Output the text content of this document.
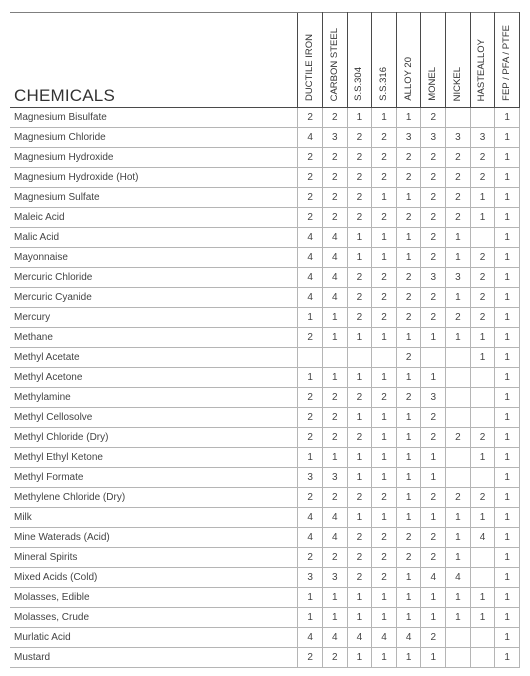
CHEMICALS	DUCTILE IRON	CARBON STEEL	S.S.304	S.S.316	ALLOY 20	MONEL	NICKEL	HASTEALLOY	FEP / PFA / PTFE

Magnesium Bisulfate	2	2	1	1	1	2			1
Magnesium Chloride	4	3	2	2	3	3	3	3	1
Magnesium Hydroxide	2	2	2	2	2	2	2	2	1
Magnesium Hydroxide (Hot)	2	2	2	2	2	2	2	2	1
Magnesium Sulfate	2	2	2	1	1	2	2	1	1
Maleic Acid	2	2	2	2	2	2	2	1	1
Malic Acid	4	4	1	1	1	2	1		1
Mayonnaise	4	4	1	1	1	2	1	2	1
Mercuric Chloride	4	4	2	2	2	3	3	2	1
Mercuric Cyanide	4	4	2	2	2	2	1	2	1
Mercury	1	1	2	2	2	2	2	2	1
Methane	2	1	1	1	1	1	1	1	1
Methyl Acetate					2			1	1
Methyl Acetone	1	1	1	1	1	1			1
Methylamine	2	2	2	2	2	3			1
Methyl Cellosolve	2	2	1	1	1	2			1
Methyl Chloride (Dry)	2	2	2	1	1	2	2	2	1
Methyl Ethyl Ketone	1	1	1	1	1	1		1	1
Methyl Formate	3	3	1	1	1	1			1
Methylene Chloride (Dry)	2	2	2	2	1	2	2	2	1
Milk	4	4	1	1	1	1	1	1	1
Mine Waterads (Acid)	4	4	2	2	2	2	1	4	1
Mineral Spirits	2	2	2	2	2	2	1		1
Mixed Acids (Cold)	3	3	2	2	1	4	4		1
Molasses, Edible	1	1	1	1	1	1	1	1	1
Molasses, Crude	1	1	1	1	1	1	1	1	1
Murlatic Acid	4	4	4	4	4	2			1
Mustard	2	2	1	1	1	1			1
